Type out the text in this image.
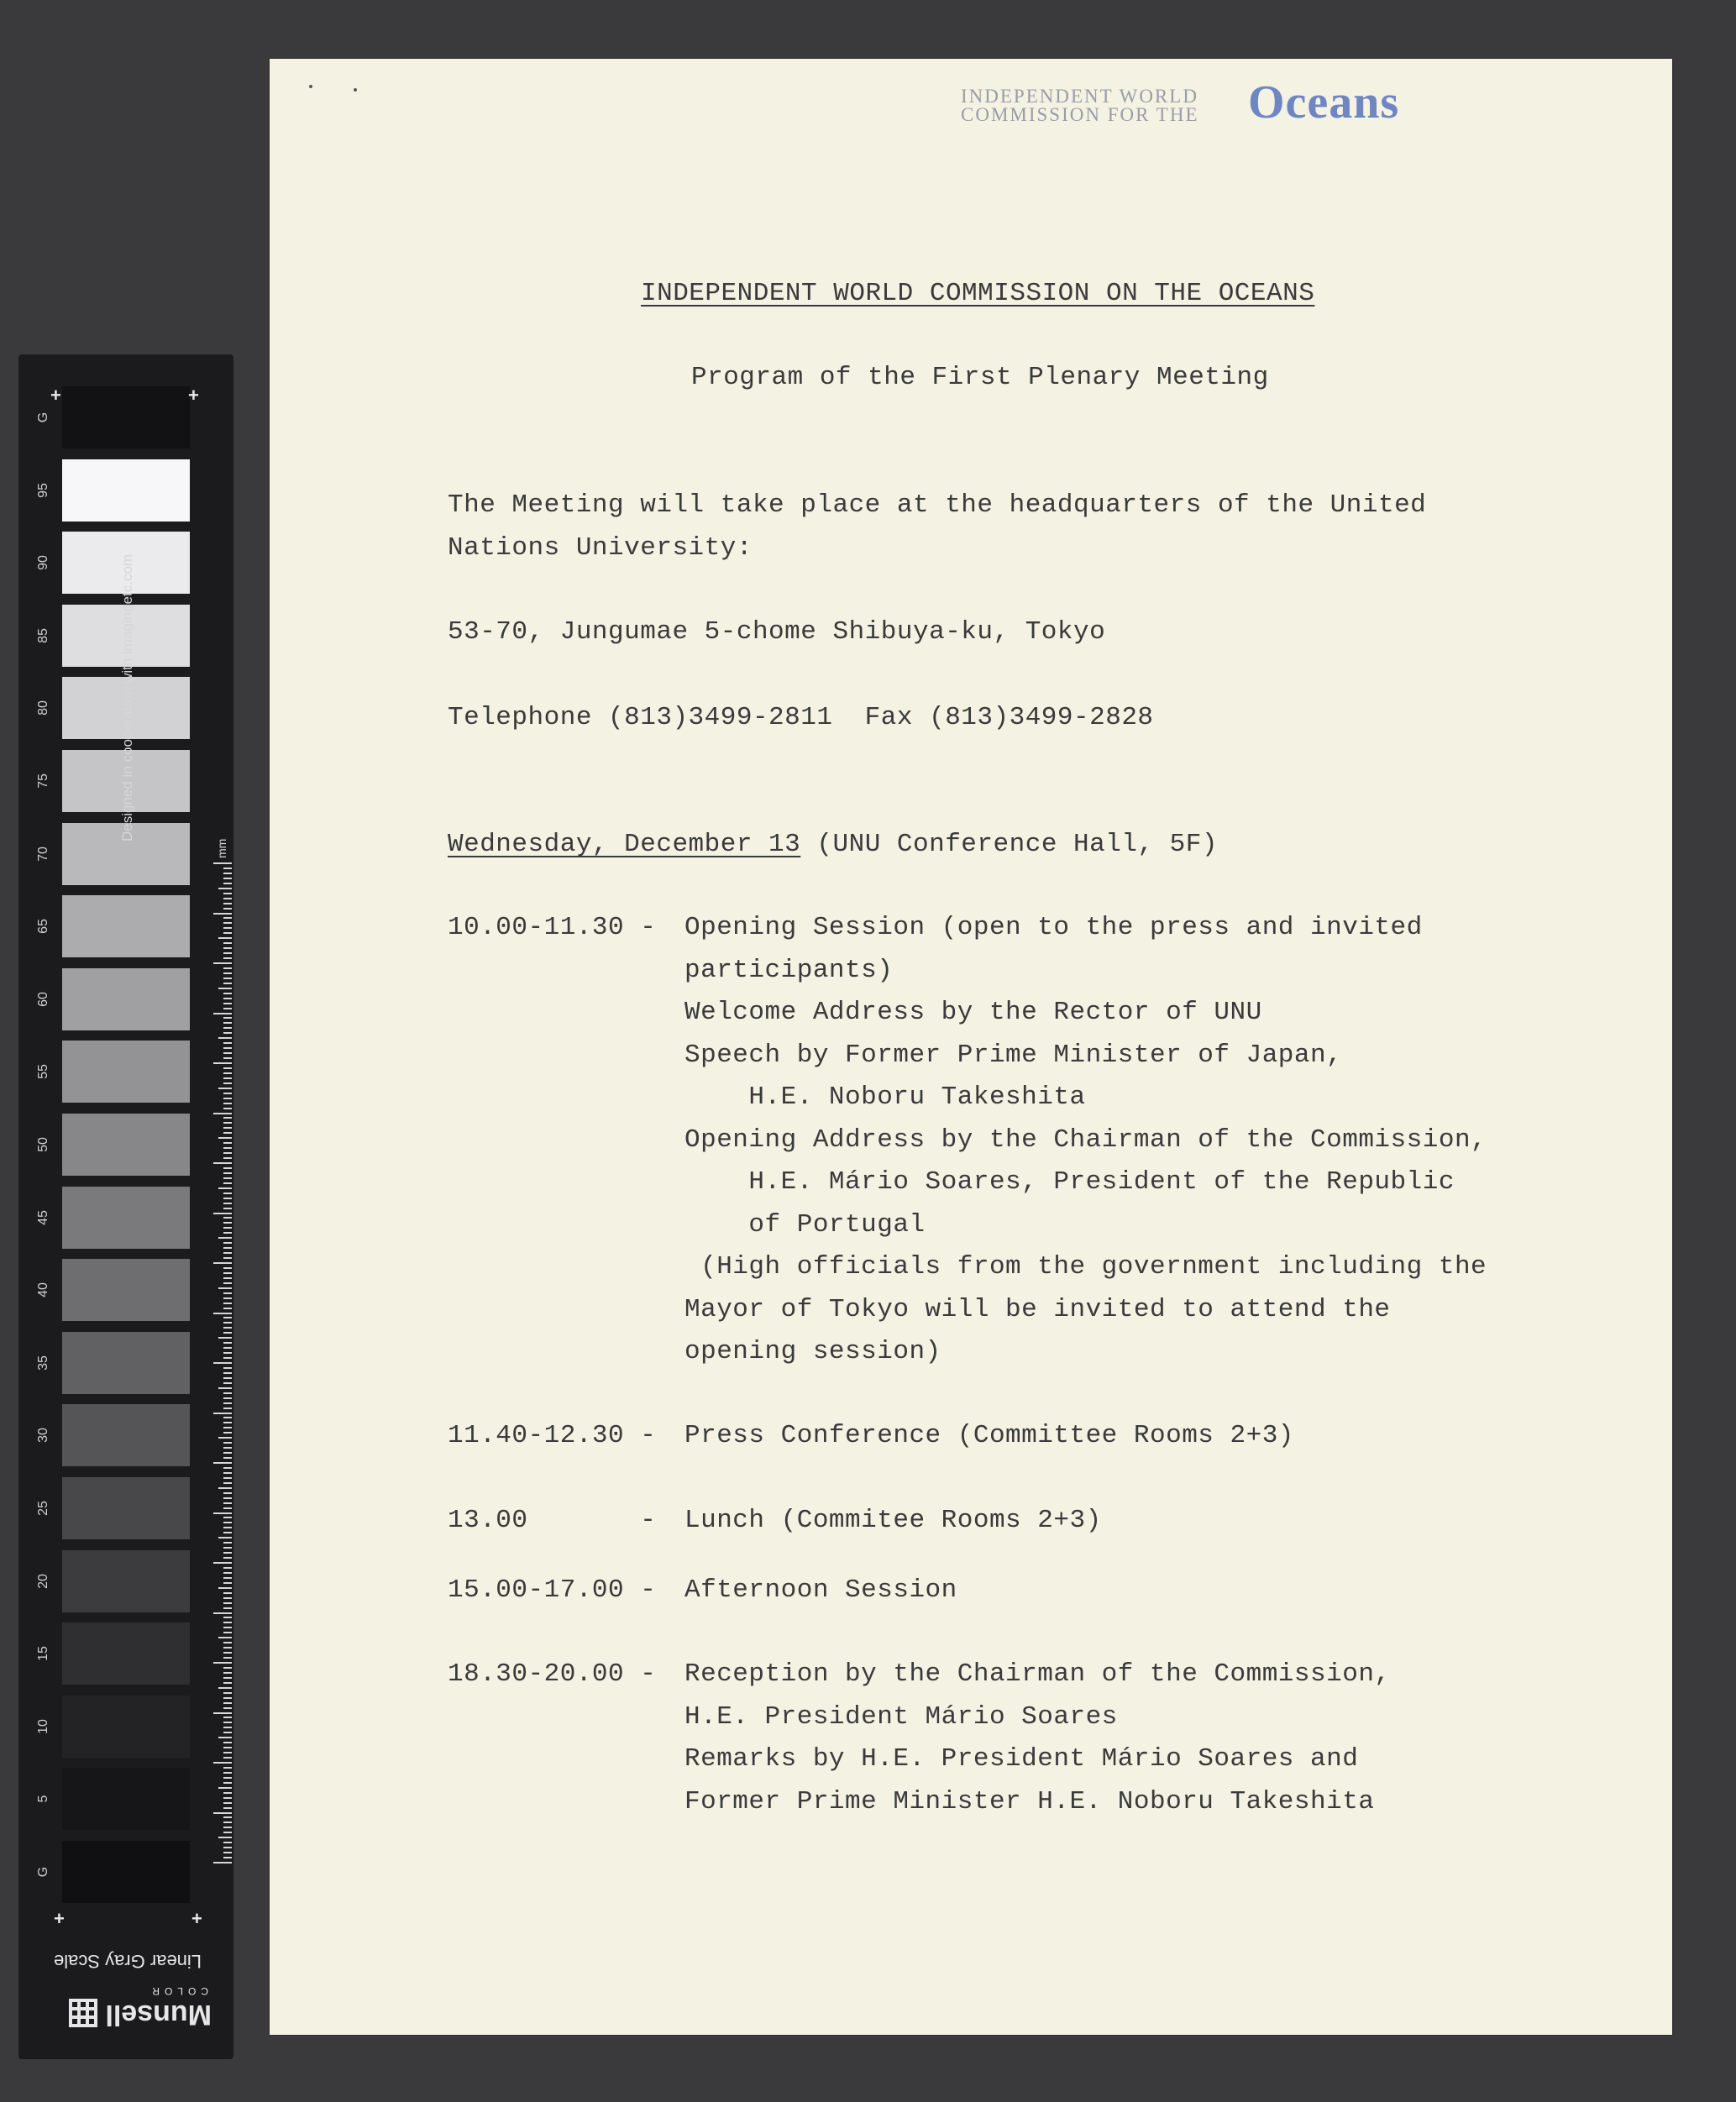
G
95
90
85
80
75
70
65
60
55
50
45
40
35
30
25
20
15
10
5
G
+	+
+	+
Designed in cooperation with imagingetc.com
mm
Linear Gray Scale
Munsell
COLOR
INDEPENDENT WORLD
COMMISSION FOR THE Oceans
INDEPENDENT WORLD COMMISSION ON THE OCEANS
Program of the First Plenary Meeting
The Meeting will take place at the headquarters of the United
Nations University:
53-70, Jungumae 5-chome Shibuya-ku, Tokyo
Telephone (813)3499-2811  Fax (813)3499-2828
Wednesday, December 13 (UNU Conference Hall, 5F)
10.00-11.30 - Opening Session (open to the press and invited
participants)
Welcome Address by the Rector of UNU
Speech by Former Prime Minister of Japan,
H.E. Noboru Takeshita
Opening Address by the Chairman of the Commission,
H.E. Mário Soares, President of the Republic
of Portugal
(High officials from the government including the
Mayor of Tokyo will be invited to attend the
opening session)
11.40-12.30 - Press Conference (Committee Rooms 2+3)
13.00       - Lunch (Commitee Rooms 2+3)
15.00-17.00 - Afternoon Session
18.30-20.00 - Reception by the Chairman of the Commission,
H.E. President Mário Soares
Remarks by H.E. President Mário Soares and
Former Prime Minister H.E. Noboru Takeshita
